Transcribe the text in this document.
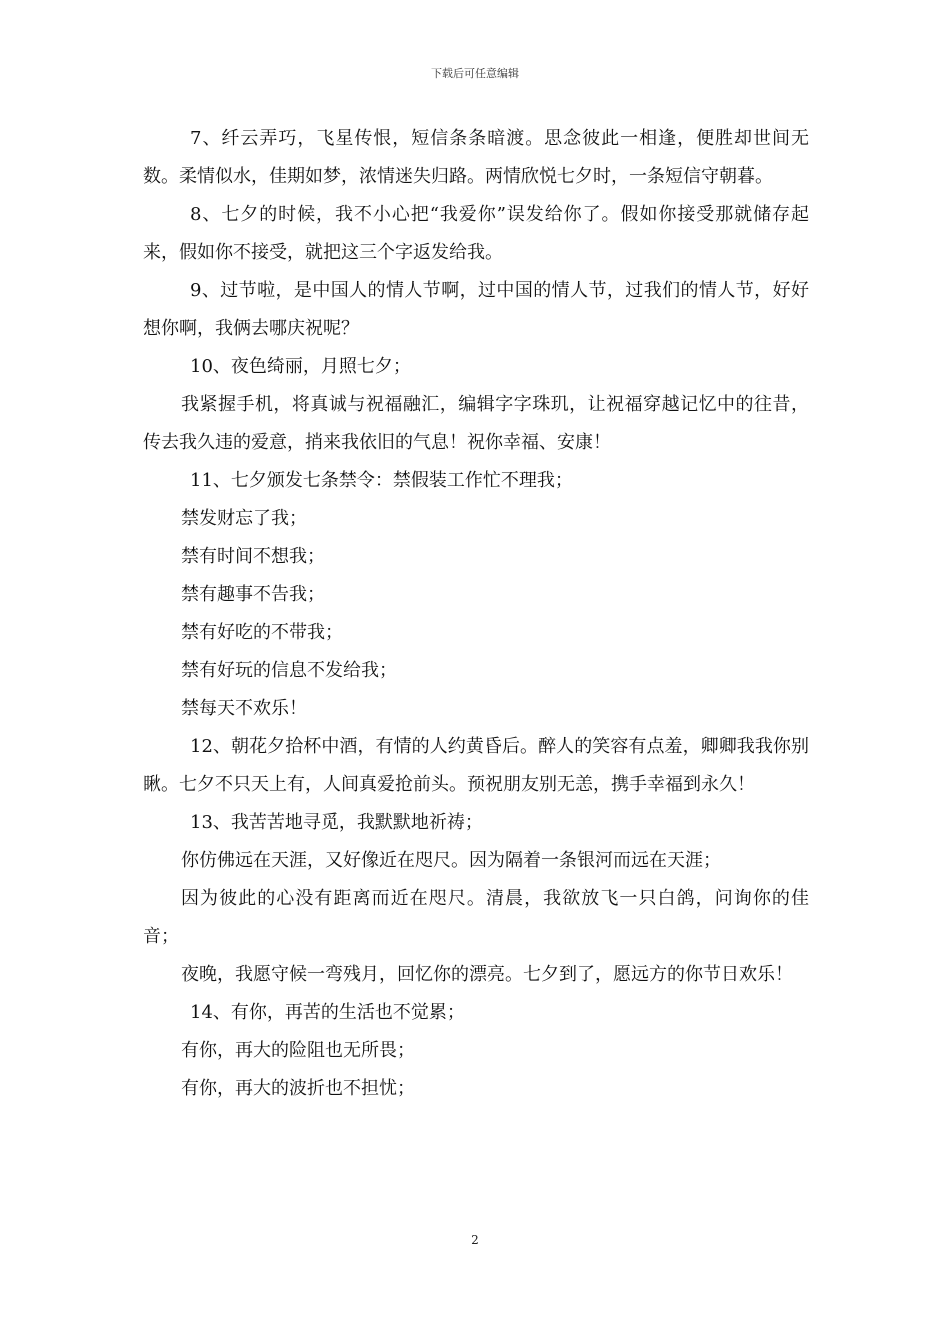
下载后可任意编辑

7、纤云弄巧，飞星传恨，短信条条暗渡。思念彼此一相逢，便胜却世间无数。柔情似水，佳期如梦，浓情迷失归路。两情欣悦七夕时，一条短信守朝暮。

8、七夕的时候，我不小心把“我爱你”误发给你了。假如你接受那就储存起来，假如你不接受，就把这三个字返发给我。

9、过节啦，是中国人的情人节啊，过中国的情人节，过我们的情人节，好好想你啊，我俩去哪庆祝呢？

10、夜色绮丽，月照七夕；

我紧握手机，将真诚与祝福融汇，编辑字字珠玑，让祝福穿越记忆中的往昔，传去我久违的爱意，捎来我依旧的气息！祝你幸福、安康！

11、七夕颁发七条禁令：禁假装工作忙不理我；

禁发财忘了我；

禁有时间不想我；

禁有趣事不告我；

禁有好吃的不带我；

禁有好玩的信息不发给我；

禁每天不欢乐！

12、朝花夕拾杯中酒，有情的人约黄昏后。醉人的笑容有点羞，卿卿我我你别瞅。七夕不只天上有，人间真爱抢前头。预祝朋友别无恙，携手幸福到永久！

13、我苦苦地寻觅，我默默地祈祷；

你仿佛远在天涯，又好像近在咫尺。因为隔着一条银河而远在天涯；

因为彼此的心没有距离而近在咫尺。清晨，我欲放飞一只白鸽，问询你的佳音；

夜晚，我愿守候一弯残月，回忆你的漂亮。七夕到了，愿远方的你节日欢乐！

14、有你，再苦的生活也不觉累；

有你，再大的险阻也无所畏；

有你，再大的波折也不担忧；

2
